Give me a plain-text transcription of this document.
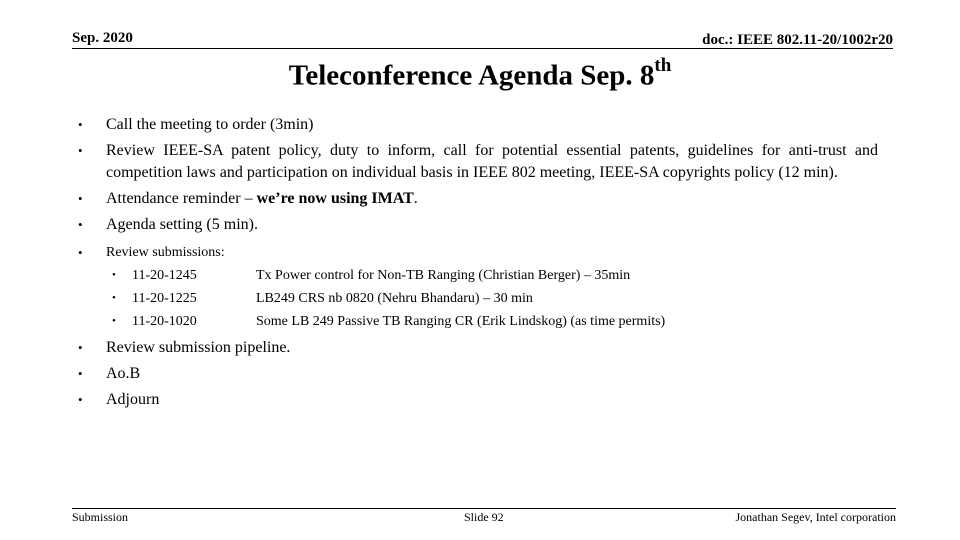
Sep. 2020	doc.: IEEE 802.11-20/1002r20
Teleconference Agenda Sep. 8th
• Call the meeting to order (3min)
• Review IEEE-SA patent policy, duty to inform, call for potential essential patents, guidelines for anti-trust and competition laws and participation on individual basis in IEEE 802 meeting, IEEE-SA copyrights policy (12 min).
• Attendance reminder – we’re now using IMAT.
• Agenda setting (5 min).
• Review submissions:
• 11-20-1245	Tx Power control for Non-TB Ranging (Christian Berger) – 35min
• 11-20-1225	LB249 CRS nb 0820 (Nehru Bhandaru) – 30 min
• 11-20-1020	Some LB 249 Passive TB Ranging CR (Erik Lindskog) (as time permits)
• Review submission pipeline.
• Ao.B
• Adjourn
Submission	Slide 92	Jonathan Segev, Intel corporation
